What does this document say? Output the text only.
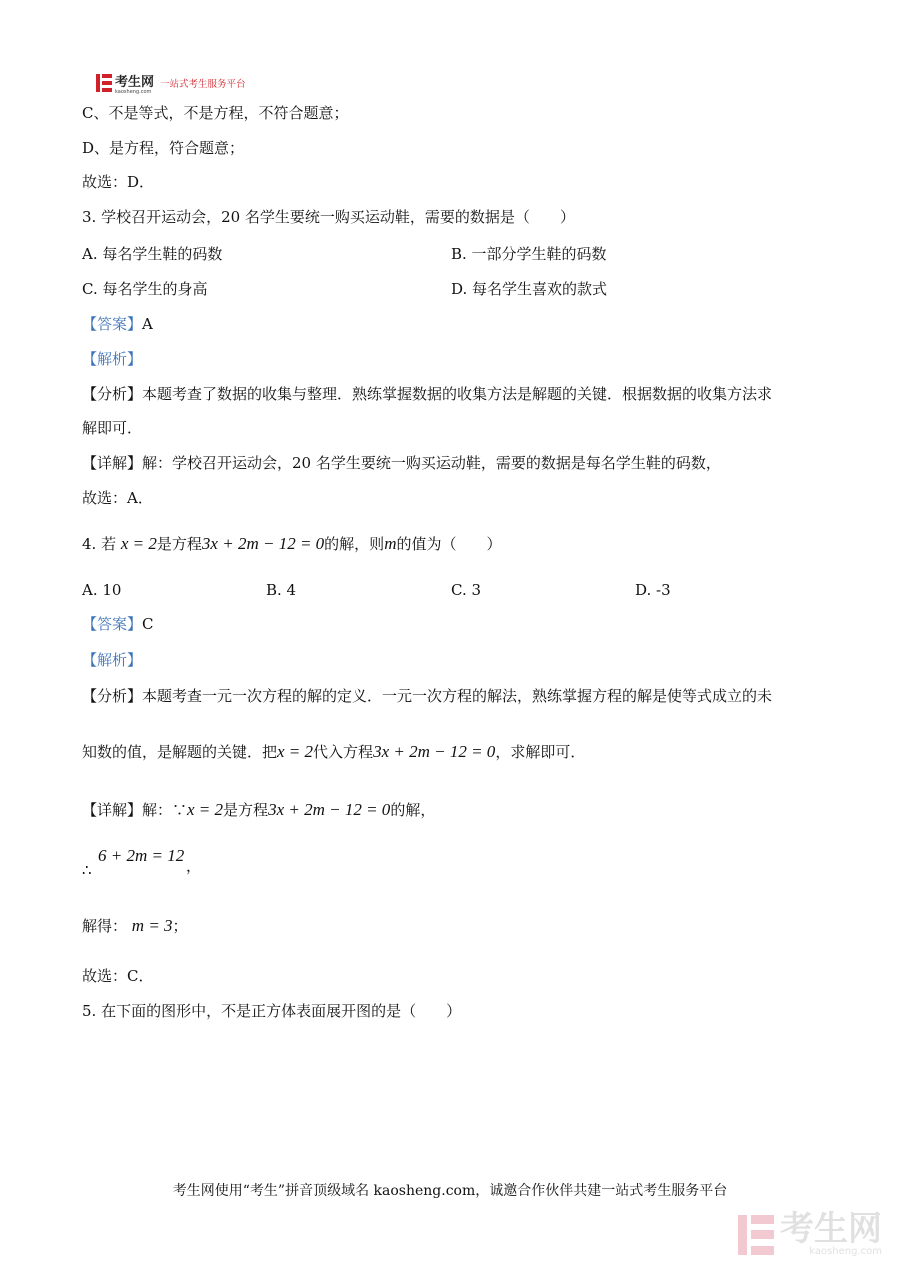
考生网
kaosheng.com
一站式考生服务平台
C、不是等式，不是方程，不符合题意；
D、是方程，符合题意；
故选：D．
3. 学校召开运动会，20 名学生要统一购买运动鞋，需要的数据是（　　）
A. 每名学生鞋的码数	B. 一部分学生鞋的码数
C. 每名学生的身高	D. 每名学生喜欢的款式
【答案】A
【解析】
【分析】本题考查了数据的收集与整理．熟练掌握数据的收集方法是解题的关键．根据数据的收集方法求
解即可．
【详解】解：学校召开运动会，20 名学生要统一购买运动鞋，需要的数据是每名学生鞋的码数，
故选：A．
4. 若 x = 2是方程3x + 2m − 12 = 0的解，则m的值为（　　）
A. 10	B. 4	C. 3	D. -3
【答案】C
【解析】
【分析】本题考查一元一次方程的解的定义．一元一次方程的解法，熟练掌握方程的解是使等式成立的未
知数的值，是解题的关键．把x = 2代入方程3x + 2m − 12 = 0，求解即可．
【详解】解：∵x = 2是方程3x + 2m − 12 = 0的解，
∴
6 + 2m = 12
，
解得： m = 3；
故选：C．
5. 在下面的图形中，不是正方体表面展开图的是（　　）
考生网使用“考生”拼音顶级域名 kaosheng.com，诚邀合作伙伴共建一站式考生服务平台
考生网
kaosheng.com
